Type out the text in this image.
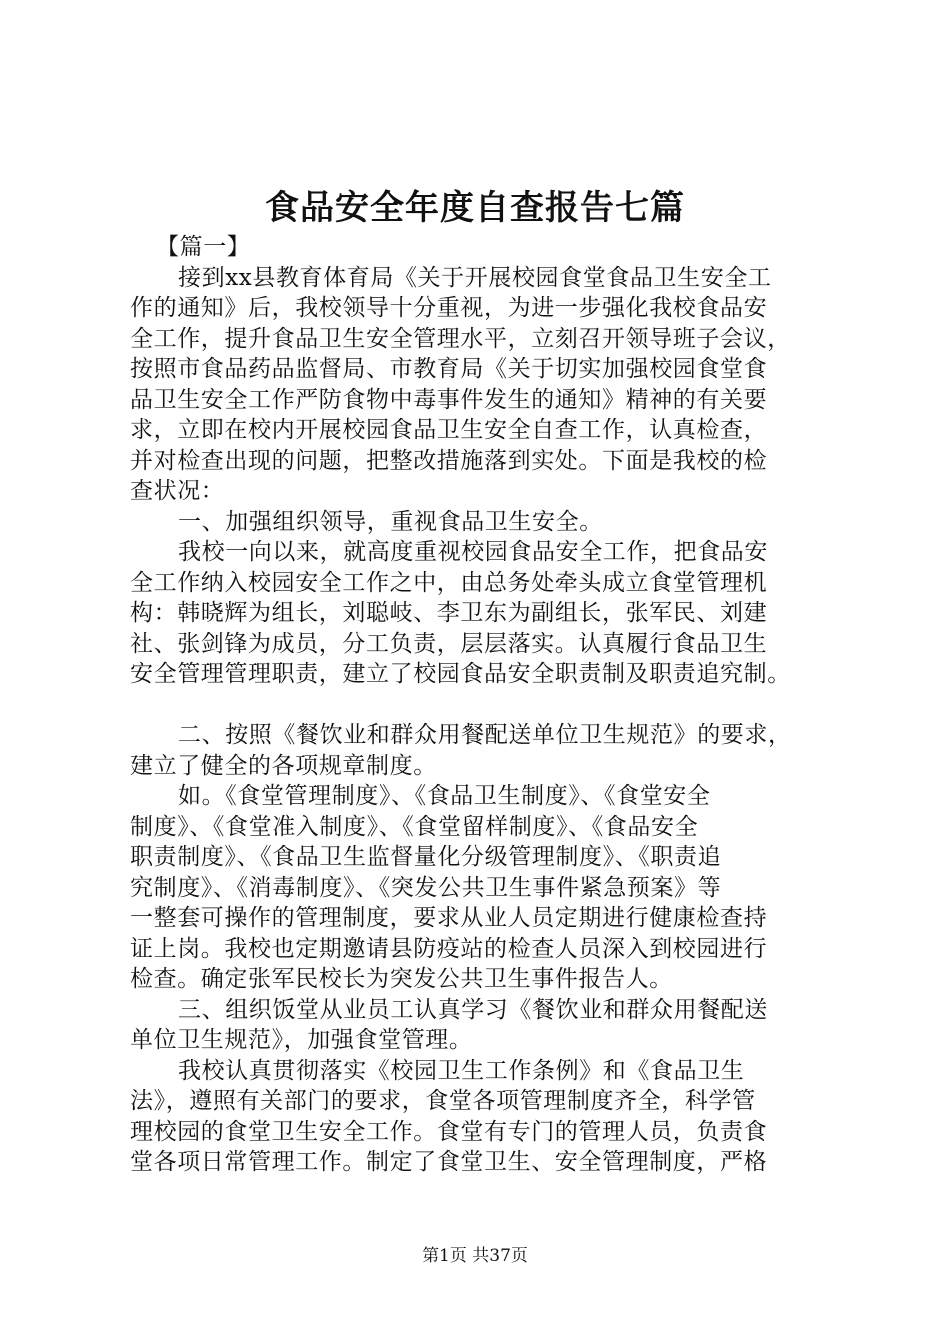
食品安全年度自查报告七篇
【篇一】
接到xx县教育体育局《关于开展校园食堂食品卫生安全工
作的通知》后，我校领导十分重视，为进一步强化我校食品安
全工作，提升食品卫生安全管理水平，立刻召开领导班子会议，
按照市食品药品监督局、市教育局《关于切实加强校园食堂食
品卫生安全工作严防食物中毒事件发生的通知》精神的有关要
求，立即在校内开展校园食品卫生安全自查工作，认真检查，
并对检查出现的问题，把整改措施落到实处。下面是我校的检
查状况：
一、加强组织领导，重视食品卫生安全。
我校一向以来，就高度重视校园食品安全工作，把食品安
全工作纳入校园安全工作之中，由总务处牵头成立食堂管理机
构：韩晓辉为组长，刘聪岐、李卫东为副组长，张军民、刘建
社、张剑锋为成员，分工负责，层层落实。认真履行食品卫生
安全管理管理职责，建立了校园食品安全职责制及职责追究制。
二、按照《餐饮业和群众用餐配送单位卫生规范》的要求，
建立了健全的各项规章制度。
如。《食堂管理制度》、《食品卫生制度》、《食堂安全
制度》、《食堂准入制度》、《食堂留样制度》、《食品安全
职责制度》、《食品卫生监督量化分级管理制度》、《职责追
究制度》、《消毒制度》、《突发公共卫生事件紧急预案》等
一整套可操作的管理制度，要求从业人员定期进行健康检查持
证上岗。我校也定期邀请县防疫站的检查人员深入到校园进行
检查。确定张军民校长为突发公共卫生事件报告人。
三、组织饭堂从业员工认真学习《餐饮业和群众用餐配送
单位卫生规范》，加强食堂管理。
我校认真贯彻落实《校园卫生工作条例》和《食品卫生
法》，遵照有关部门的要求，食堂各项管理制度齐全，科学管
理校园的食堂卫生安全工作。食堂有专门的管理人员，负责食
堂各项日常管理工作。制定了食堂卫生、安全管理制度，严格
第1页 共37页
